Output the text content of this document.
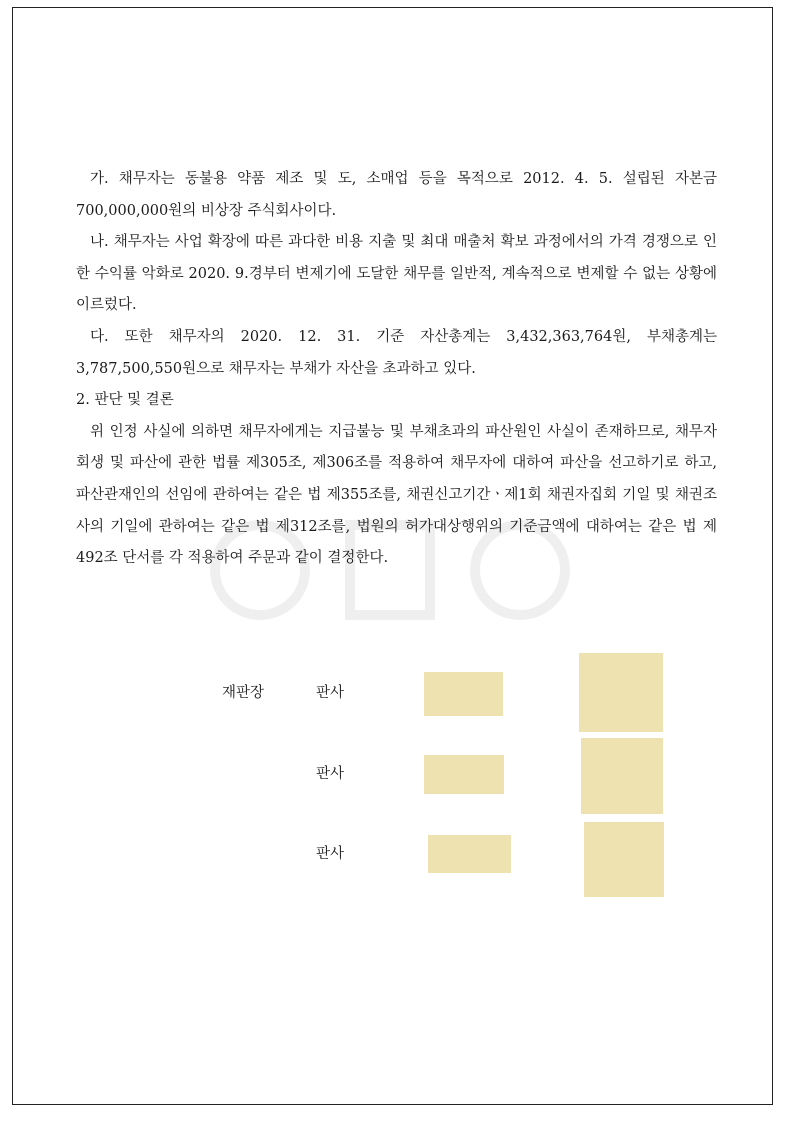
가. 채무자는 동불용 약품 제조 및 도, 소매업 등을 목적으로 2012. 4. 5. 설립된 자본금 700,000,000원의 비상장 주식회사이다.

나. 채무자는 사업 확장에 따른 과다한 비용 지출 및 최대 매출처 확보 과정에서의 가격 경쟁으로 인한 수익률 악화로 2020. 9.경부터 변제기에 도달한 채무를 일반적, 계속적으로 변제할 수 없는 상황에 이르렀다.

다. 또한 채무자의 2020. 12. 31. 기준 자산총계는 3,432,363,764원, 부채총계는 3,787,500,550원으로 채무자는 부채가 자산을 초과하고 있다.

2. 판단 및 결론

위 인정 사실에 의하면 채무자에게는 지급불능 및 부채초과의 파산원인 사실이 존재하므로, 채무자 회생 및 파산에 관한 법률 제305조, 제306조를 적용하여 채무자에 대하여 파산을 선고하기로 하고, 파산관재인의 선임에 관하여는 같은 법 제355조를, 채권신고기간ㆍ제1회 채권자집회 기일 및 채권조사의 기일에 관하여는 같은 법 제312조를, 법원의 허가대상행위의 기준금액에 대하여는 같은 법 제492조 단서를 각 적용하여 주문과 같이 결정한다.

재판장	판사
판사
판사
